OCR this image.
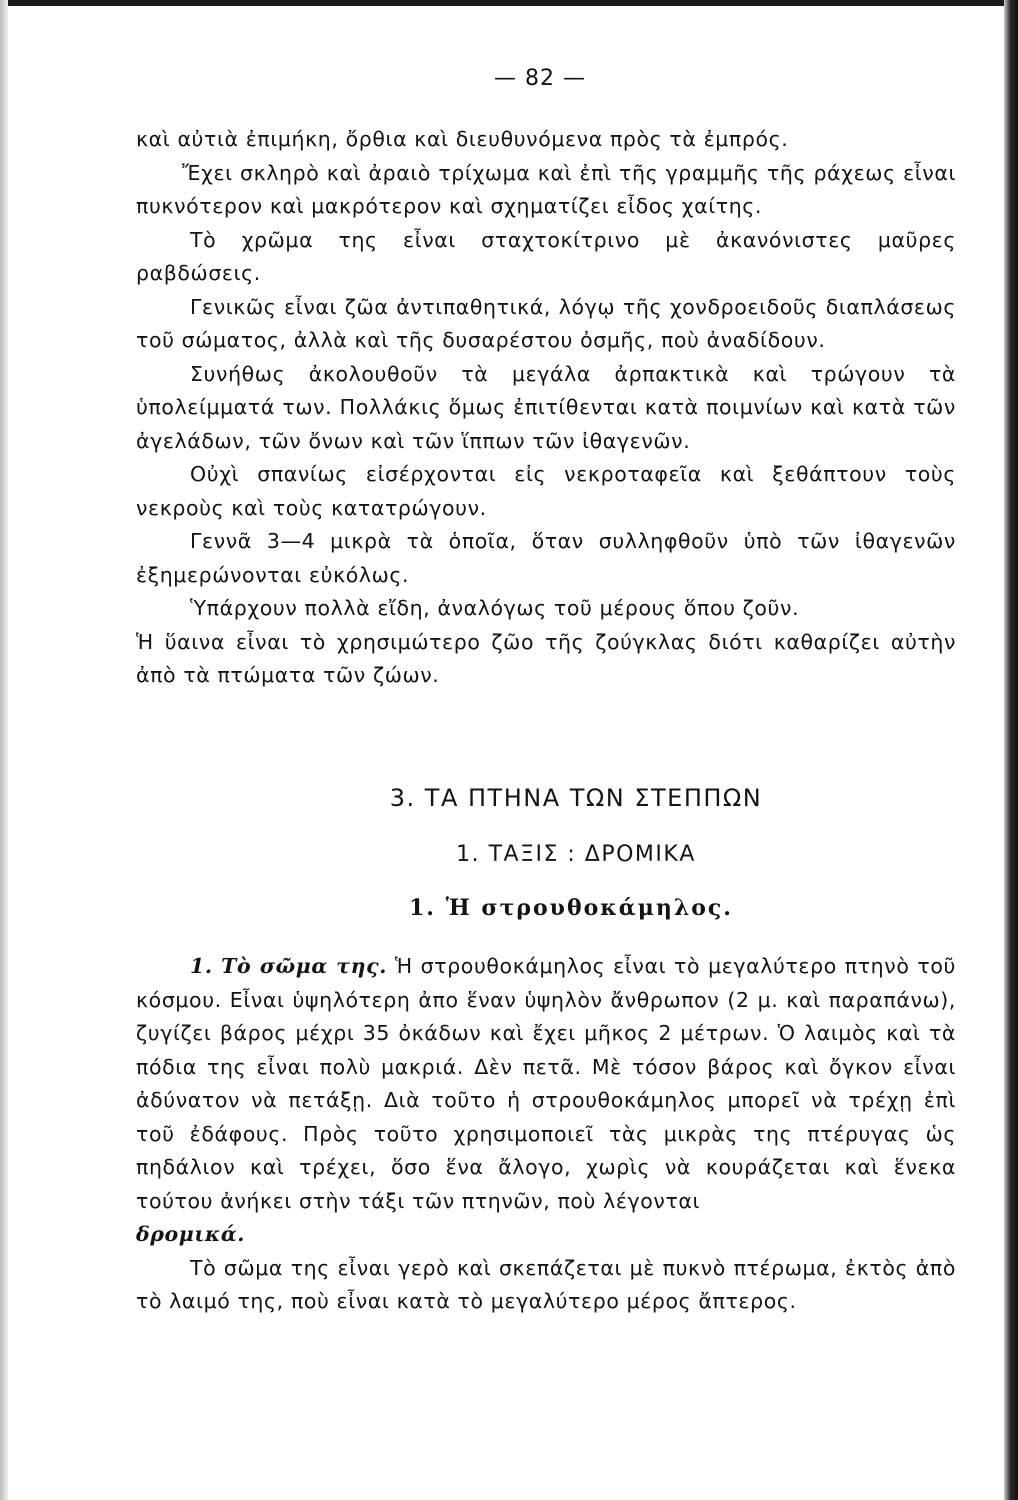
— 82 —

καὶ αὐτιὰ ἐπιμήκη, ὄρθια καὶ διευθυνόμενα πρὸς τὰ ἐμπρός.

Ἔχει σκληρὸ καὶ ἀραιὸ τρίχωμα καὶ ἐπὶ τῆς γραμμῆς τῆς ράχεως εἶναι πυκνότερον καὶ μακρότερον καὶ σχηματίζει εἶδος χαίτης.

Τὸ χρῶμα της εἶναι σταχτοκίτρινο μὲ ἀκανόνιστες μαῦρες ραβδώσεις.

Γενικῶς εἶναι ζῶα ἀντιπαθητικά, λόγῳ τῆς χονδροειδοῦς διαπλάσεως τοῦ σώματος, ἀλλὰ καὶ τῆς δυσαρέστου ὀσμῆς, ποὺ ἀναδίδουν.

Συνήθως ἀκολουθοῦν τὰ μεγάλα ἀρπακτικὰ καὶ τρώγουν τὰ ὑπολείμματά των. Πολλάκις ὅμως ἐπιτίθενται κατὰ ποιμνίων καὶ κατὰ τῶν ἀγελάδων, τῶν ὄνων καὶ τῶν ἵππων τῶν ἰθαγενῶν.

Οὐχὶ σπανίως εἰσέρχονται εἰς νεκροταφεῖα καὶ ξεθάπτουν τοὺς νεκροὺς καὶ τοὺς κατατρώγουν.

Γεννᾶ 3—4 μικρὰ τὰ ὁποῖα, ὅταν συλληφθοῦν ὑπὸ τῶν ἰθαγενῶν ἐξημερώνονται εὐκόλως.

Ὑπάρχουν πολλὰ εἴδη, ἀναλόγως τοῦ μέρους ὅπου ζοῦν.

Ἡ ὕαινα εἶναι τὸ χρησιμώτερο ζῶο τῆς ζούγκλας διότι καθαρίζει αὐτὴν ἀπὸ τὰ πτώματα τῶν ζώων.

3. ΤΑ ΠΤΗΝΑ ΤΩΝ ΣΤΕΠΠΩΝ
1. ΤΑΞΙΣ : ΔΡΟΜΙΚΑ
1. Ἡ στρουθοκάμηλος.

1. Τὸ σῶμα της. Ἡ στρουθοκάμηλος εἶναι τὸ μεγαλύτερο πτηνὸ τοῦ κόσμου. Εἶναι ὑψηλότερη ἀπο ἕναν ὑψηλὸν ἄνθρωπον (2 μ. καὶ παραπάνω), ζυγίζει βάρος μέχρι 35 ὀκάδων καὶ ἔχει μῆκος 2 μέτρων. Ὁ λαιμὸς καὶ τὰ πόδια της εἶναι πολὺ μακριά. Δὲν πετᾶ. Μὲ τόσον βάρος καὶ ὄγκον εἶναι ἀδύνατον νὰ πετάξῃ. Διὰ τοῦτο ἡ στρουθοκάμηλος μπορεῖ νὰ τρέχῃ ἐπὶ τοῦ ἐδάφους. Πρὸς τοῦτο χρησιμοποιεῖ τὰς μικρὰς της πτέρυγας ὡς πηδάλιον καὶ τρέχει, ὅσο ἕνα ἄλογο, χωρὶς νὰ κουράζεται καὶ ἕνεκα τούτου ἀνήκει στὴν τάξι τῶν πτηνῶν, ποὺ λέγονται
δρομικά.

Τὸ σῶμα της εἶναι γερὸ καὶ σκεπάζεται μὲ πυκνὸ πτέρωμα, ἐκτὸς ἀπὸ τὸ λαιμό της, ποὺ εἶναι κατὰ τὸ μεγαλύτερο μέρος ἄπτερος.
